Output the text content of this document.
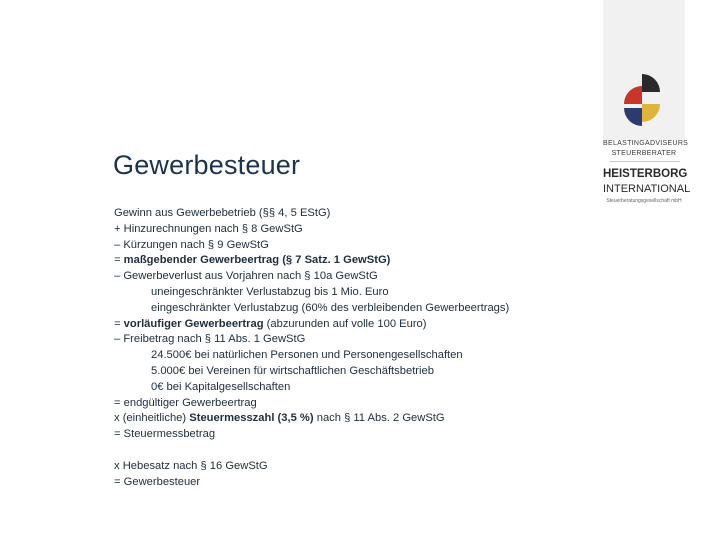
BELASTINGADVISEURS
STEUERBERATER
HEISTERBORG
INTERNATIONAL
Steuerberatungsgesellschaft mbH
Gewerbesteuer
Gewinn aus Gewerbebetrieb (§§ 4, 5 EStG)
+ Hinzurechnungen nach § 8 GewStG
– Kürzungen nach § 9 GewStG
= maßgebender Gewerbeertrag (§ 7 Satz. 1 GewStG)
– Gewerbeverlust aus Vorjahren nach § 10a GewStG
uneingeschränkter Verlustabzug bis 1 Mio. Euro
eingeschränkter Verlustabzug (60% des verbleibenden Gewerbeertrags)
= vorläufiger Gewerbeertrag (abzurunden auf volle 100 Euro)
– Freibetrag nach § 11 Abs. 1 GewStG
24.500€ bei natürlichen Personen und Personengesellschaften
5.000€ bei Vereinen für wirtschaftlichen Geschäftsbetrieb
0€ bei Kapitalgesellschaften
= endgültiger Gewerbeertrag
x (einheitliche) Steuermesszahl (3,5 %) nach § 11 Abs. 2 GewStG
= Steuermessbetrag
x Hebesatz nach § 16 GewStG
= Gewerbesteuer
